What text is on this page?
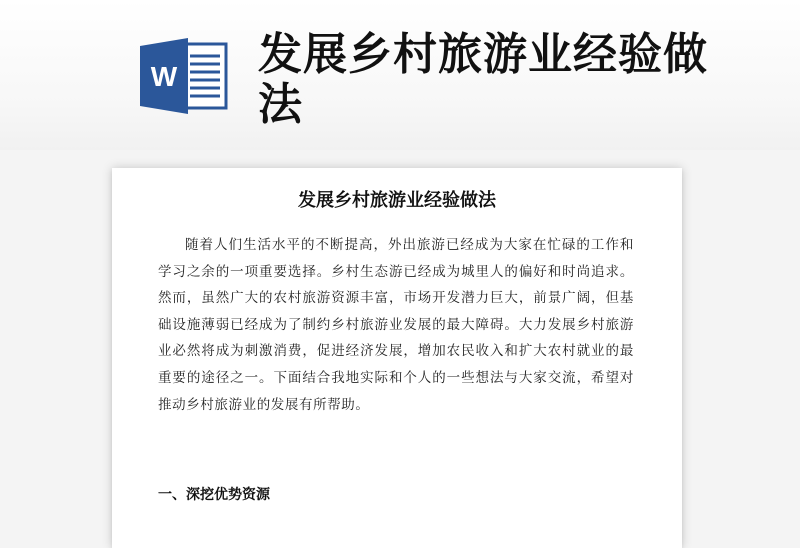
W 发展乡村旅游业经验做法
发展乡村旅游业经验做法

随着人们生活水平的不断提高，外出旅游已经成为大家在忙碌的工作和学习之余的一项重要选择。乡村生态游已经成为城里人的偏好和时尚追求。然而，虽然广大的农村旅游资源丰富，市场开发潜力巨大，前景广阔，但基础设施薄弱已经成为了制约乡村旅游业发展的最大障碍。大力发展乡村旅游业必然将成为刺激消费，促进经济发展，增加农民收入和扩大农村就业的最重要的途径之一。下面结合我地实际和个人的一些想法与大家交流，希望对推动乡村旅游业的发展有所帮助。

一、深挖优势资源
